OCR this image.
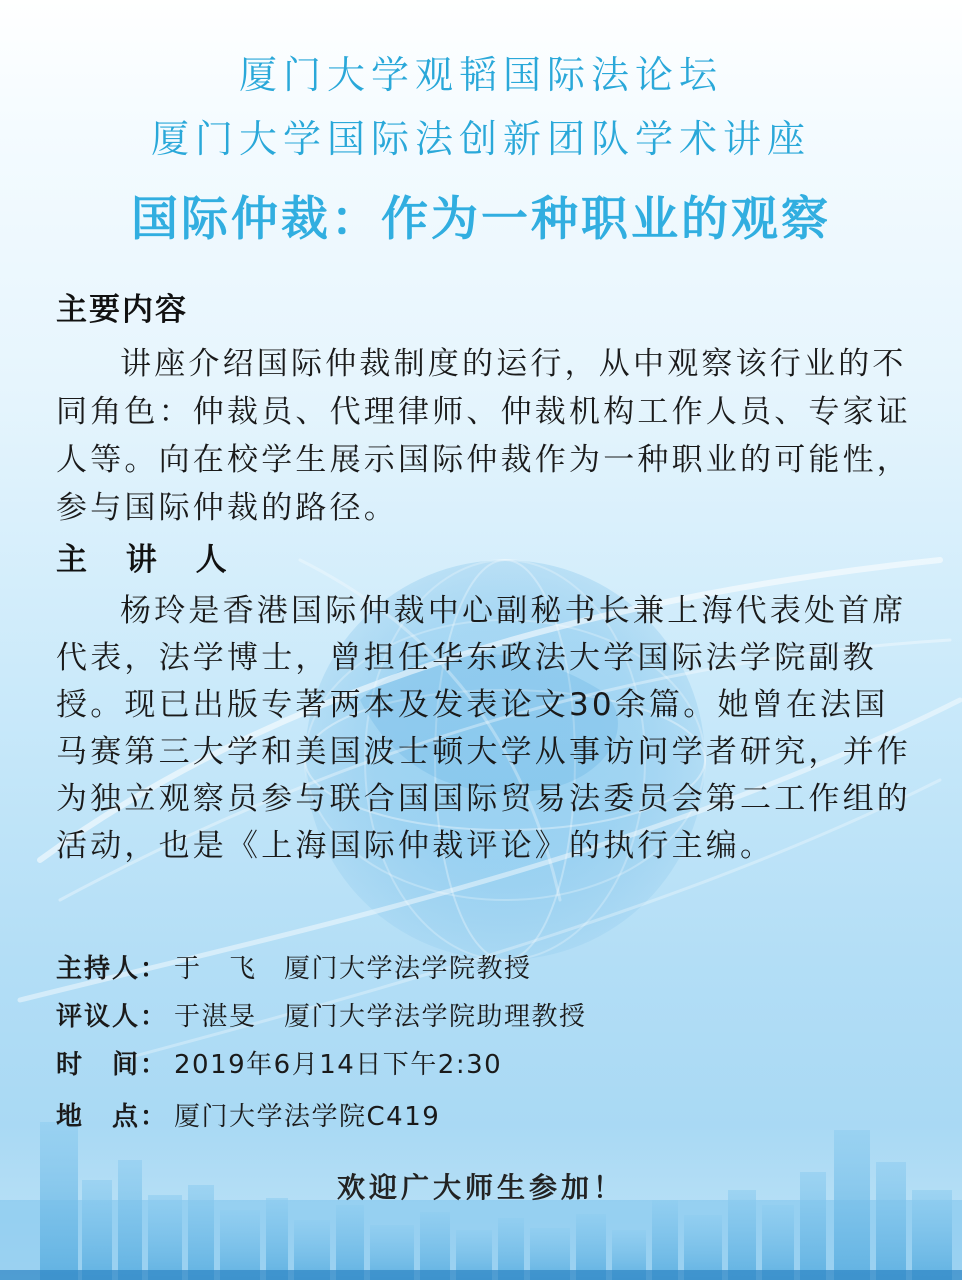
厦门大学观韬国际法论坛
厦门大学国际法创新团队学术讲座
国际仲裁：作为一种职业的观察
主要内容

讲座介绍国际仲裁制度的运行，从中观察该行业的不同角色：仲裁员、代理律师、仲裁机构工作人员、专家证人等。向在校学生展示国际仲裁作为一种职业的可能性，参与国际仲裁的路径。

主 讲 人

杨玲是香港国际仲裁中心副秘书长兼上海代表处首席代表，法学博士，曾担任华东政法大学国际法学院副教授。现已出版专著两本及发表论文30余篇。她曾在法国马赛第三大学和美国波士顿大学从事访问学者研究，并作为独立观察员参与联合国国际贸易法委员会第二工作组的活动，也是《上海国际仲裁评论》的执行主编。

主持人： 于　飞　厦门大学法学院教授
评议人： 于湛旻　厦门大学法学院助理教授
时　间： 2019年6月14日下午2:30
地　点： 厦门大学法学院C419
欢迎广大师生参加！
